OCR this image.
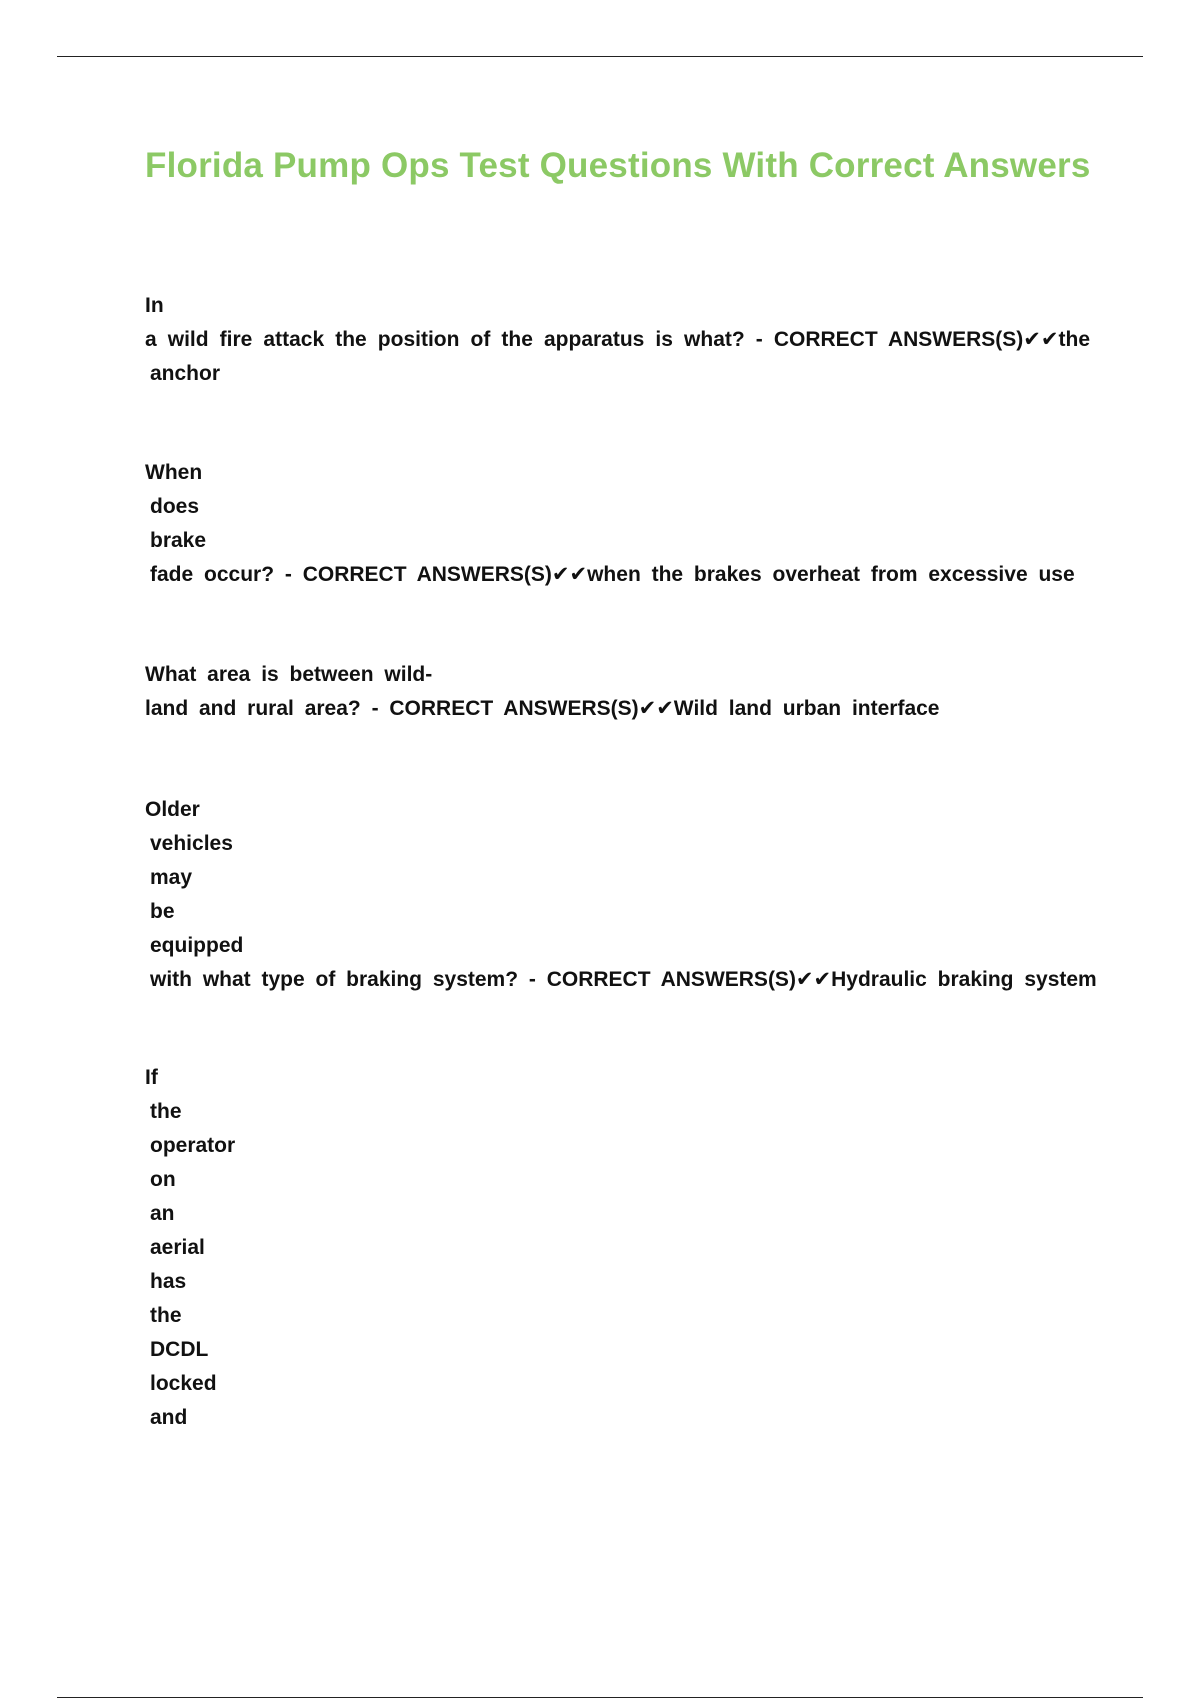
Florida Pump Ops Test Questions With Correct Answers
In
a wild fire attack the position of the apparatus is what? - CORRECT ANSWERS(S)✔✔the
anchor
When
does
brake
fade occur? - CORRECT ANSWERS(S)✔✔when the brakes overheat from excessive use
What area is between wild-
land and rural area? - CORRECT ANSWERS(S)✔✔Wild land urban interface
Older
vehicles
may
be
equipped
with what type of braking system? - CORRECT ANSWERS(S)✔✔Hydraulic braking system
If
the
operator
on
an
aerial
has
the
DCDL
locked
and
